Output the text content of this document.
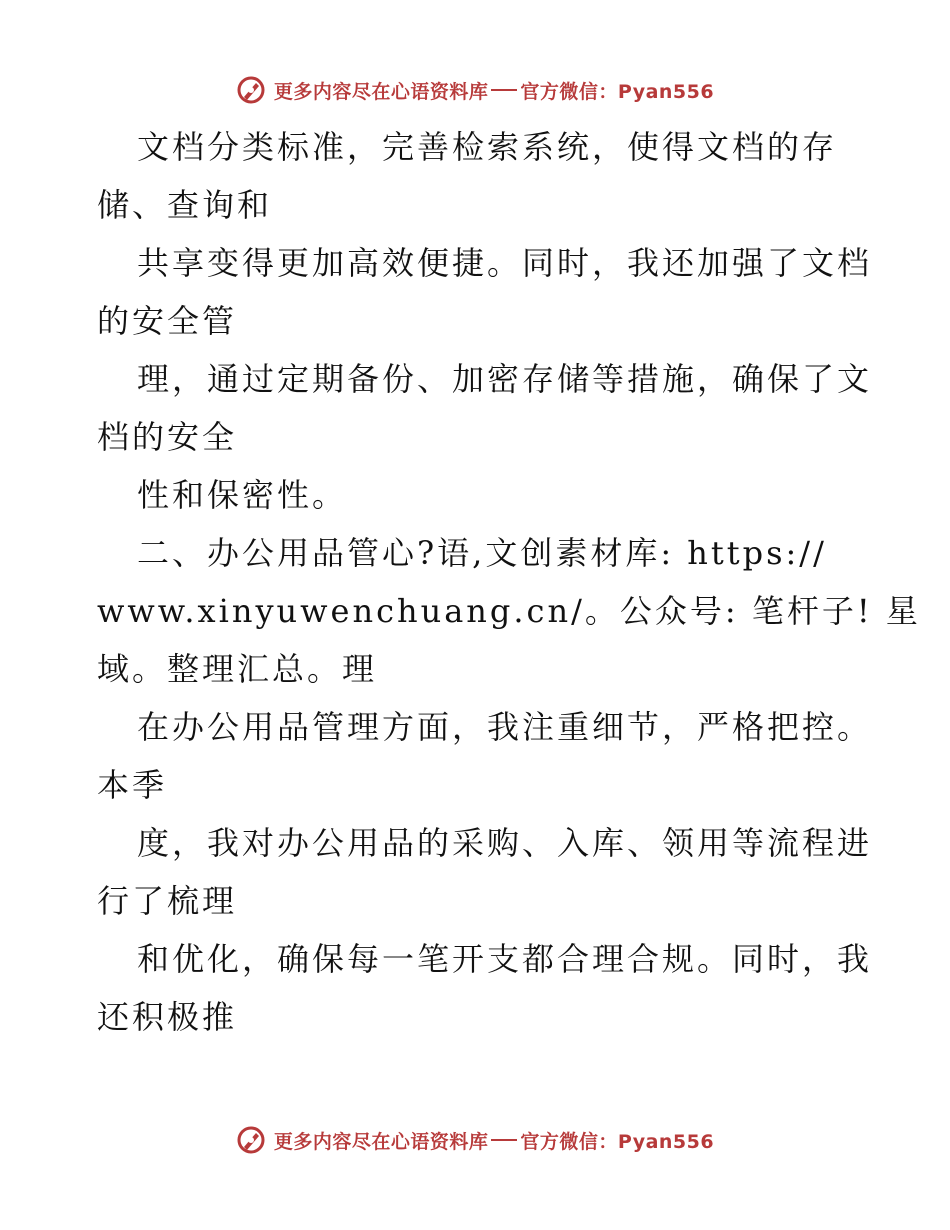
更多内容尽在心语资料库 官方微信：Pyan556
文档分类标准，完善检索系统，使得文档的存
储、查询和
共享变得更加高效便捷。同时，我还加强了文档
的安全管
理，通过定期备份、加密存储等措施，确保了文
档的安全
性和保密性。
二、办公用品管心?语,文创素材库: https://
www.xinyuwenchuang.cn/。公众号: 笔杆子! 星
域。整理汇总。理
在办公用品管理方面，我注重细节，严格把控。
本季
度，我对办公用品的采购、入库、领用等流程进
行了梳理
和优化，确保每一笔开支都合理合规。同时，我
还积极推
更多内容尽在心语资料库 官方微信：Pyan556
